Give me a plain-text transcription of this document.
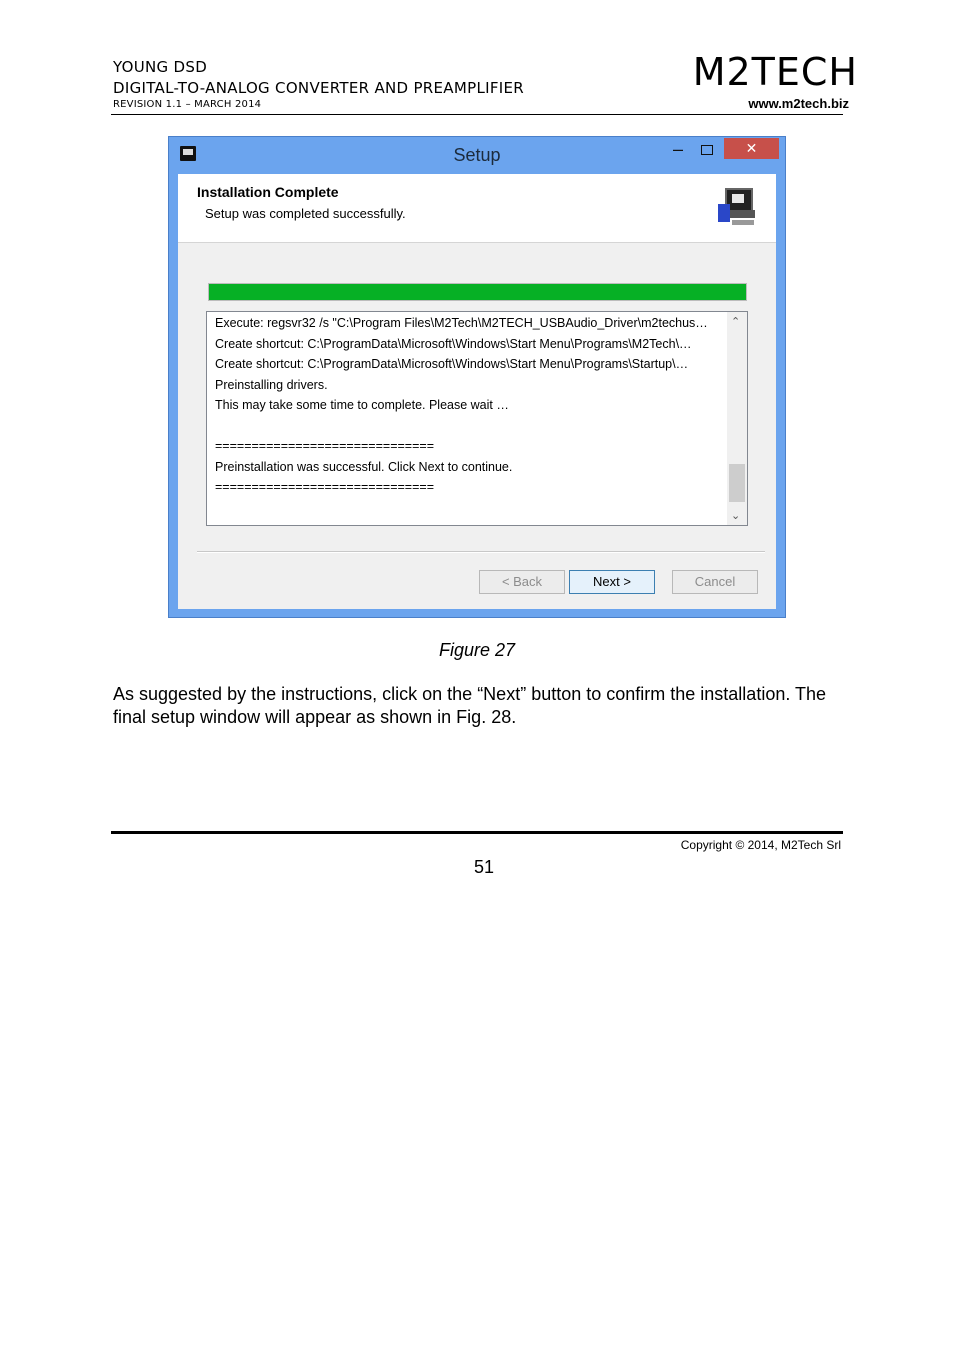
YOUNG DSD
DIGITAL-TO-ANALOG CONVERTER AND PREAMPLIFIER
REVISION 1.1 – MARCH 2014
M2TECH
www.m2tech.biz
Setup	–	✕
Installation Complete
Setup was completed successfully.
Execute: regsvr32 /s "C:\Program Files\M2Tech\M2TECH_USBAudio_Driver\m2techus…
Create shortcut: C:\ProgramData\Microsoft\Windows\Start Menu\Programs\M2Tech\…
Create shortcut: C:\ProgramData\Microsoft\Windows\Start Menu\Programs\Startup\…
Preinstalling drivers.
This may take some time to complete. Please wait …
==============================
Preinstallation was successful. Click Next to continue.
==============================
⌃
⌄
< Back	Next >	Cancel
Figure 27
As suggested by the instructions, click on the “Next” button to confirm the installation. The final setup window will appear as shown in Fig. 28.
Copyright © 2014, M2Tech Srl
51
